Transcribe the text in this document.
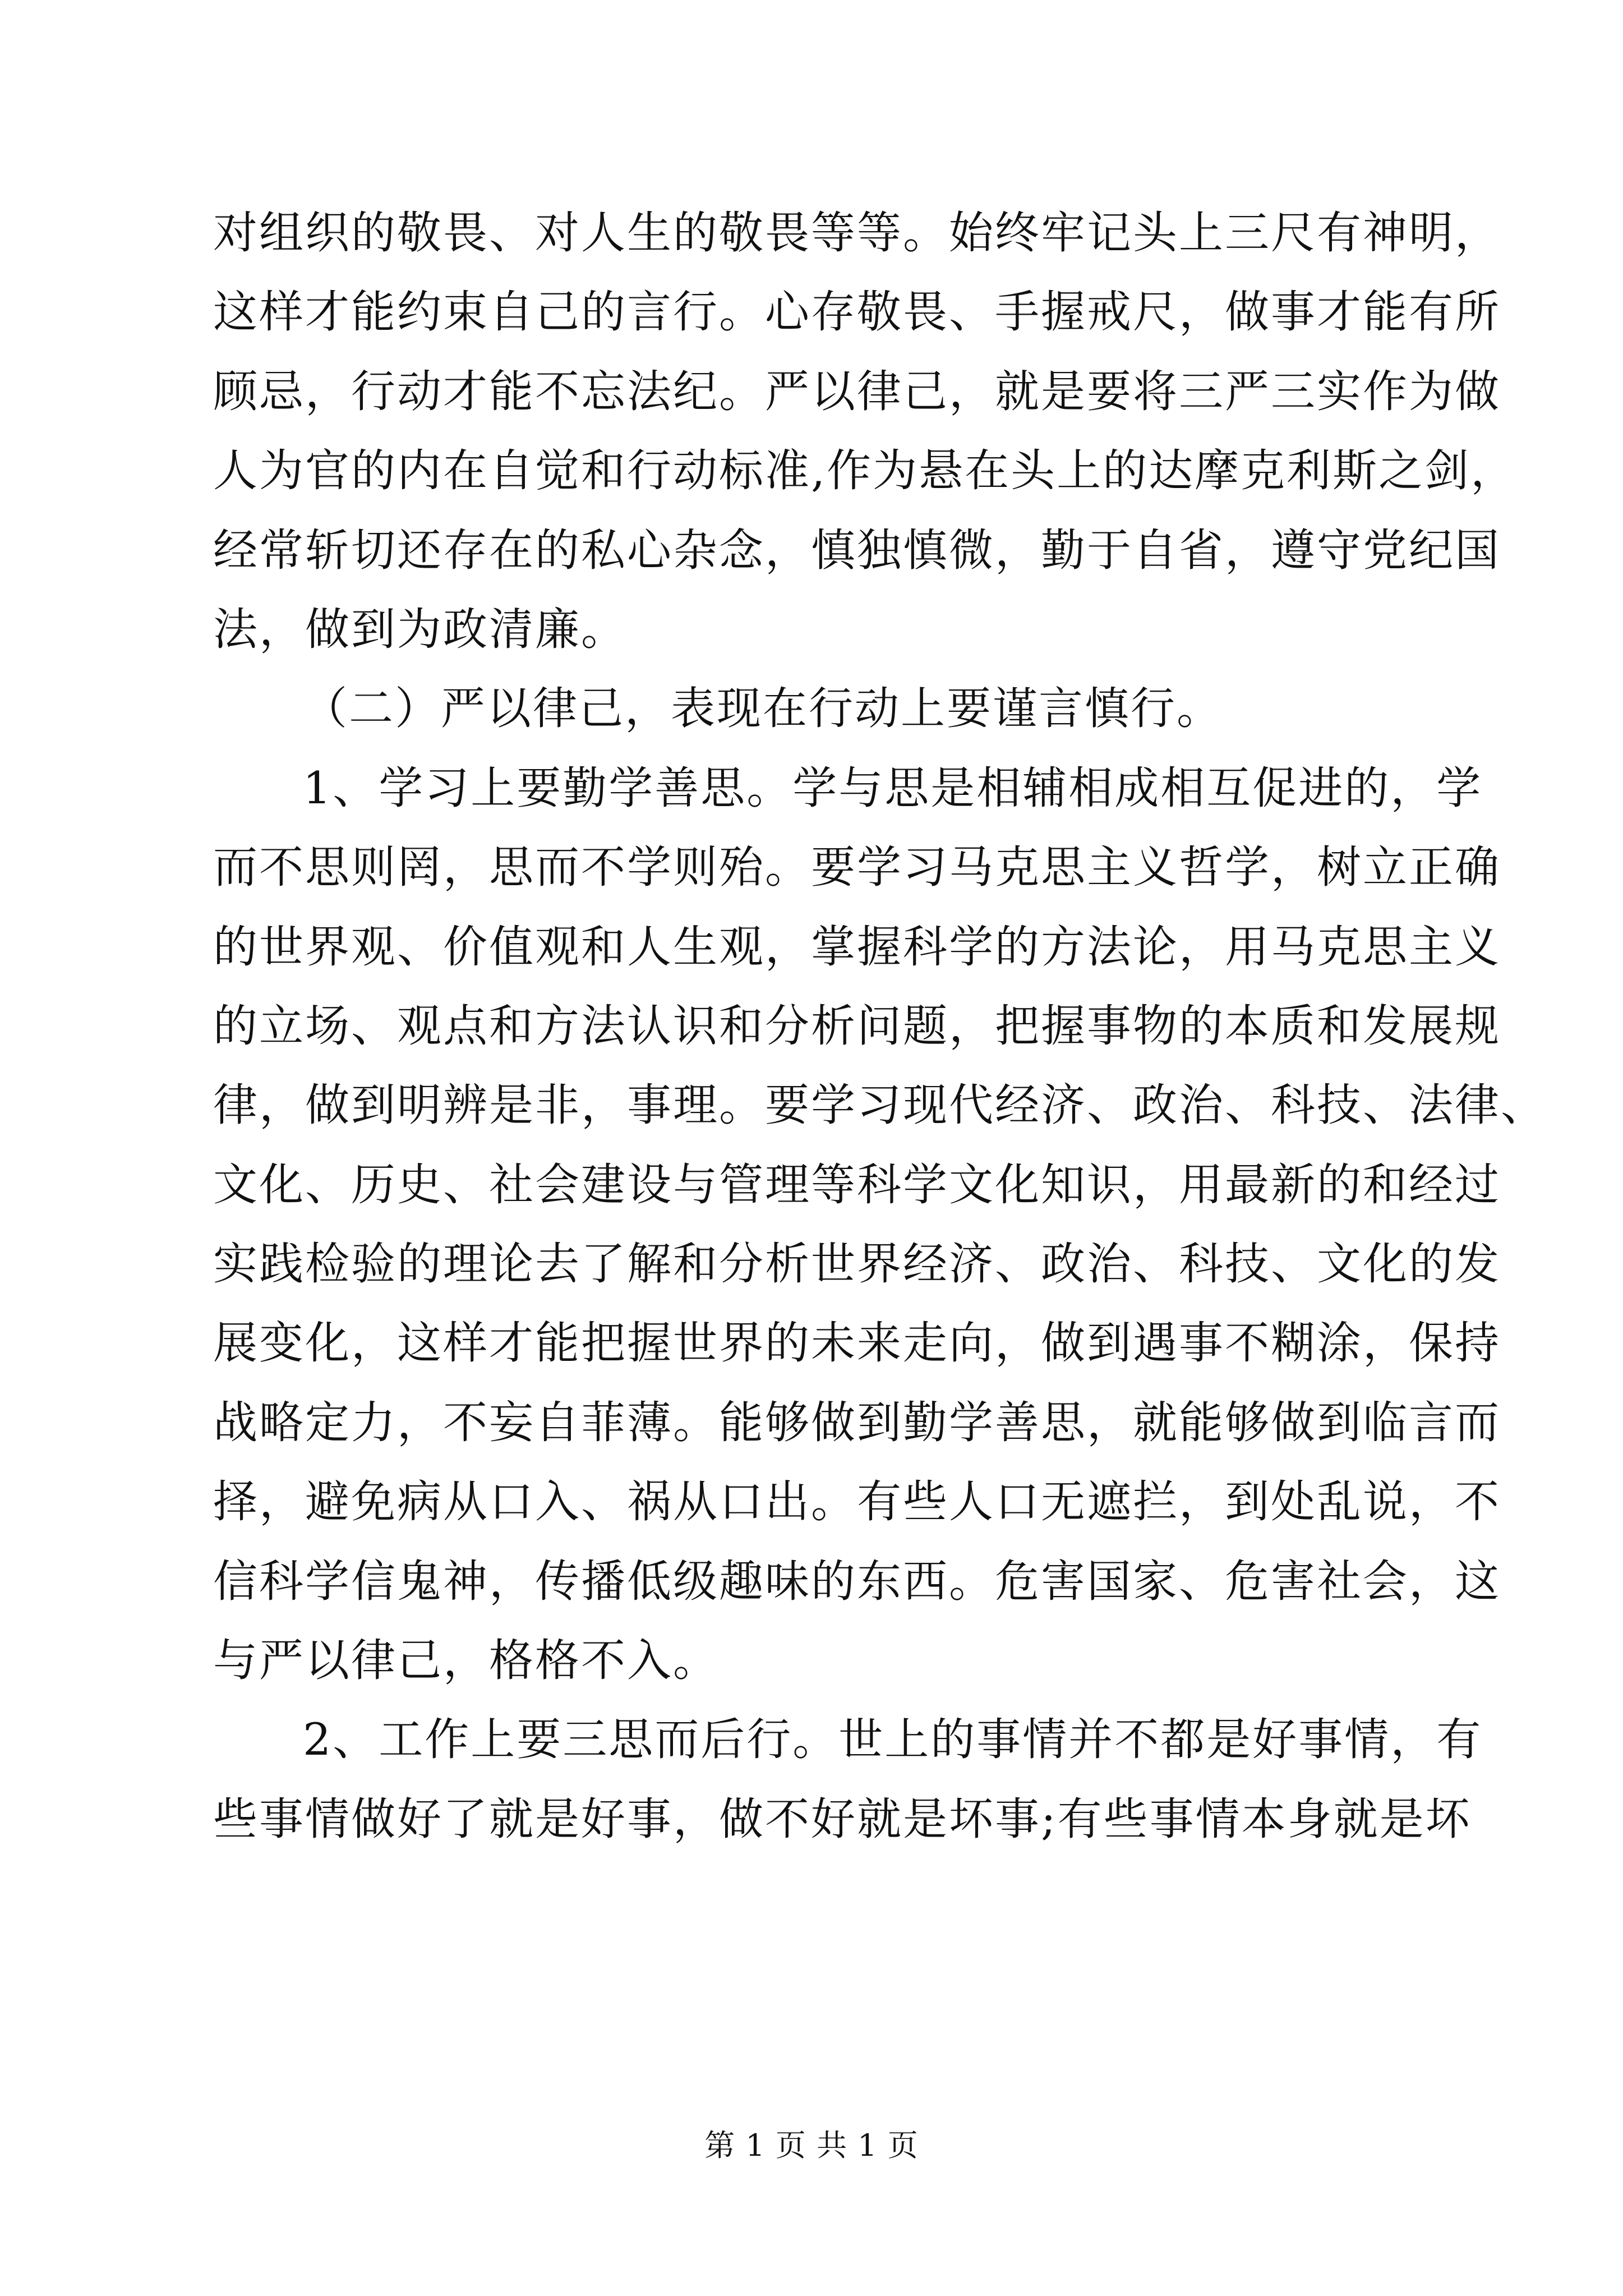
对组织的敬畏、对人生的敬畏等等。始终牢记头上三尺有神明，
这样才能约束自己的言行。心存敬畏、手握戒尺，做事才能有所
顾忌，行动才能不忘法纪。严以律己，就是要将三严三实作为做
人为官的内在自觉和行动标准,作为悬在头上的达摩克利斯之剑，
经常斩切还存在的私心杂念，慎独慎微，勤于自省，遵守党纪国
法，做到为政清廉。
（二）严以律己，表现在行动上要谨言慎行。
1、学习上要勤学善思。学与思是相辅相成相互促进的，学
而不思则罔，思而不学则殆。要学习马克思主义哲学，树立正确
的世界观、价值观和人生观，掌握科学的方法论，用马克思主义
的立场、观点和方法认识和分析问题，把握事物的本质和发展规
律，做到明辨是非，事理。要学习现代经济、政治、科技、法律、
文化、历史、社会建设与管理等科学文化知识，用最新的和经过
实践检验的理论去了解和分析世界经济、政治、科技、文化的发
展变化，这样才能把握世界的未来走向，做到遇事不糊涂，保持
战略定力，不妄自菲薄。能够做到勤学善思，就能够做到临言而
择，避免病从口入、祸从口出。有些人口无遮拦，到处乱说，不
信科学信鬼神，传播低级趣味的东西。危害国家、危害社会，这
与严以律己，格格不入。
2、工作上要三思而后行。世上的事情并不都是好事情，有
些事情做好了就是好事，做不好就是坏事;有些事情本身就是坏
第 1 页 共 1 页
